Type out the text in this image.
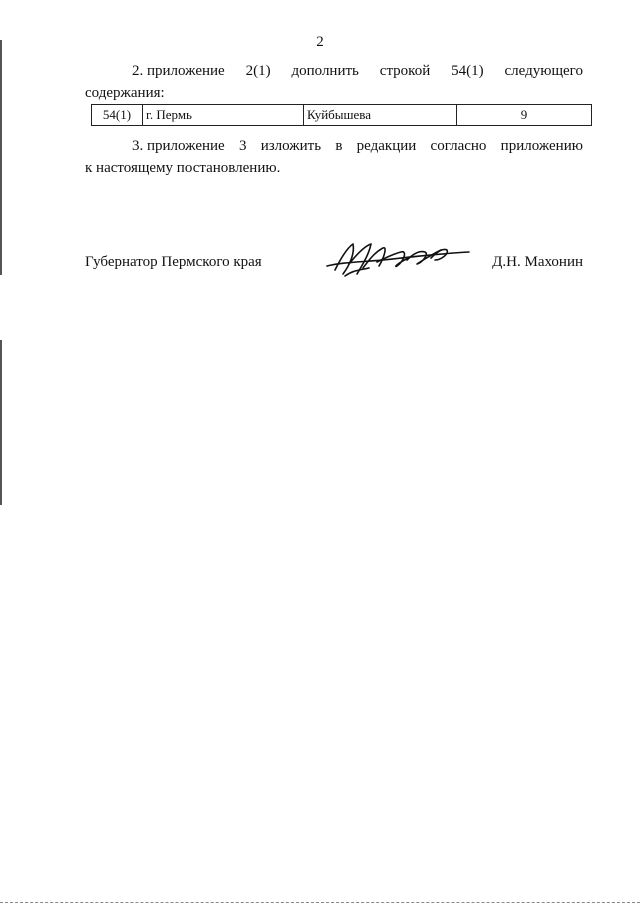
2
2. приложение 2(1) дополнить строкой 54(1) следующего
содержания:
54(1)	г. Пермь	Куйбышева	9
3. приложение 3 изложить в редакции согласно приложению
к настоящему постановлению.
Губернатор Пермского края	Д.Н. Махонин
